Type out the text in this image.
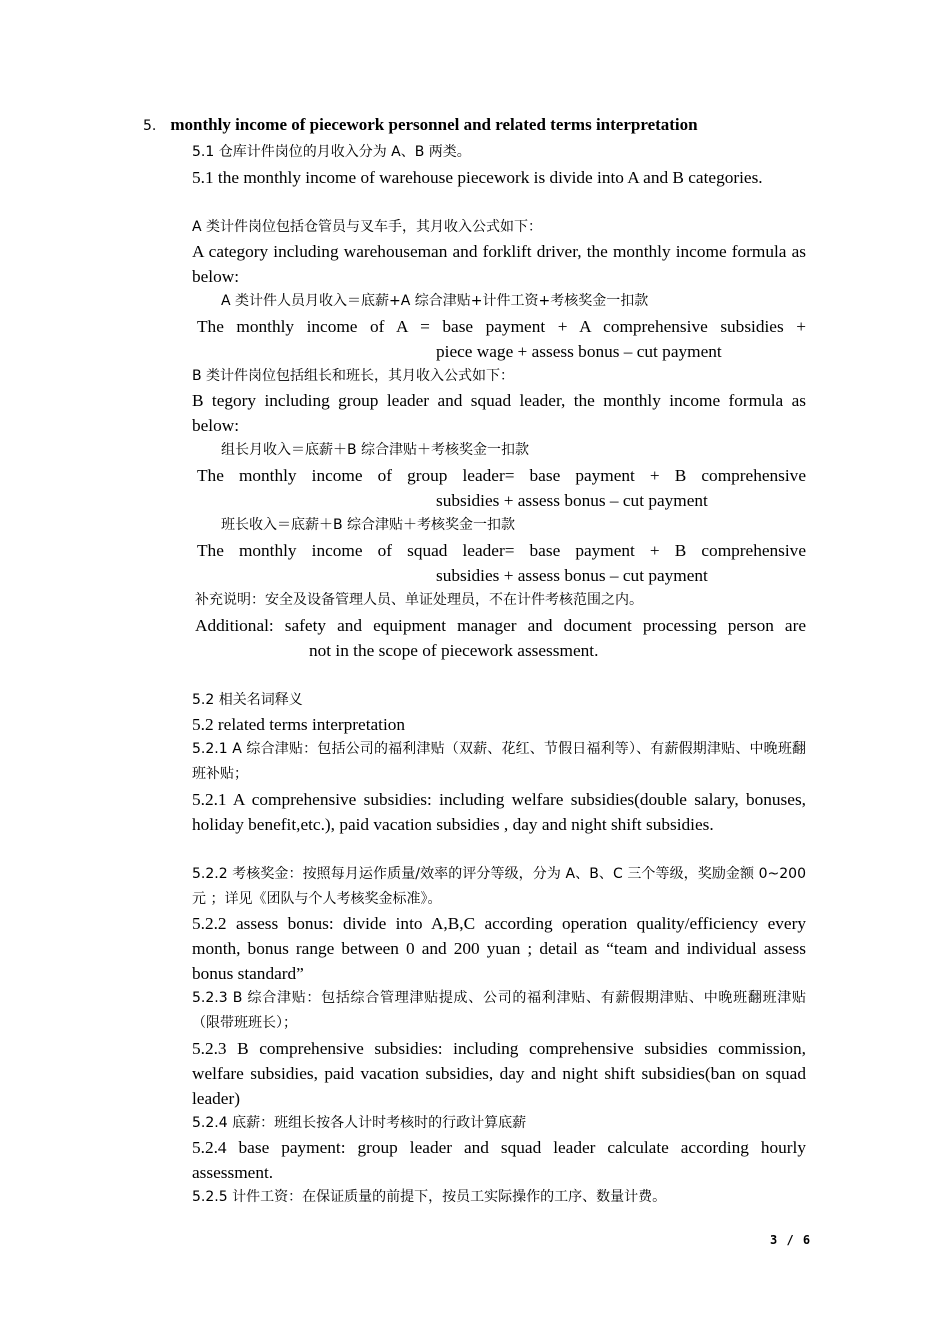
5. monthly income of piecework personnel and related terms interpretation
5.1 仓库计件岗位的月收入分为 A、B 两类。
5.1 the monthly income of warehouse piecework is divide into A and B categories.
A 类计件岗位包括仓管员与叉车手，其月收入公式如下：
A category including warehouseman and forklift driver, the monthly income formula as below:
A 类计件人员月收入＝底薪+A 综合津贴+计件工资+考核奖金一扣款
The monthly income of A = base payment + A comprehensive subsidies +
piece wage + assess bonus – cut payment
B 类计件岗位包括组长和班长，其月收入公式如下：
B tegory including group leader and squad leader, the monthly income formula as below:
组长月收入＝底薪＋B 综合津贴＋考核奖金一扣款
The monthly income of group leader= base payment + B comprehensive
subsidies + assess bonus – cut payment
班长收入＝底薪＋B 综合津贴＋考核奖金一扣款
The monthly income of squad leader= base payment + B comprehensive
subsidies + assess bonus – cut payment
补充说明：安全及设备管理人员、单证处理员，不在计件考核范围之内。
Additional: safety and equipment manager and document processing person are
not in the scope of piecework assessment.
5.2 相关名词释义
5.2 related terms interpretation
5.2.1 A 综合津贴：包括公司的福利津贴（双薪、花红、节假日福利等）、有薪假期津贴、中晚班翻班补贴；
5.2.1 A comprehensive subsidies: including welfare subsidies(double salary, bonuses, holiday benefit,etc.), paid vacation subsidies , day and night shift subsidies.
5.2.2 考核奖金：按照每月运作质量/效率的评分等级，分为 A、B、C 三个等级，奖励金额 0~200 元 ；详见《团队与个人考核奖金标准》。
5.2.2 assess bonus: divide into A,B,C according operation quality/efficiency every month, bonus range between 0 and 200 yuan ; detail as “team and individual assess bonus standard”
5.2.3 B 综合津贴：包括综合管理津贴提成、公司的福利津贴、有薪假期津贴、中晚班翻班津贴（限带班班长）；
5.2.3 B comprehensive subsidies: including comprehensive subsidies commission, welfare subsidies, paid vacation subsidies, day and night shift subsidies(ban on squad leader)
5.2.4 底薪：班组长按各人计时考核时的行政计算底薪
5.2.4 base payment: group leader and squad leader calculate according hourly assessment.
5.2.5 计件工资：在保证质量的前提下，按员工实际操作的工序、数量计费。
3 / 6
